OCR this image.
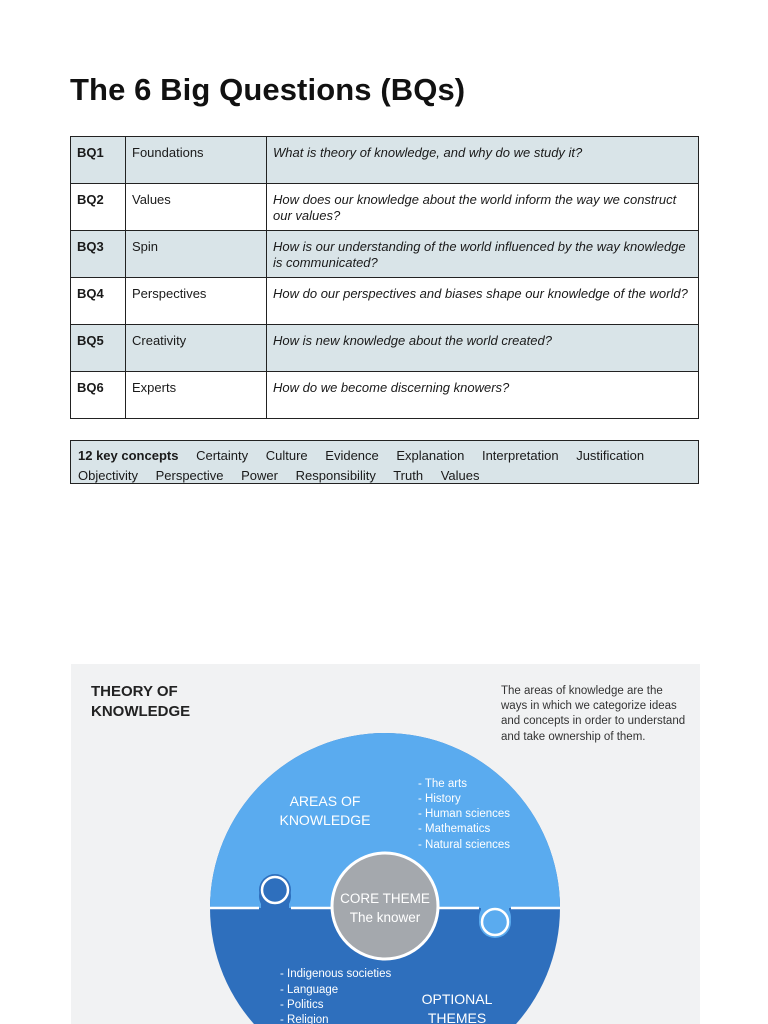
The 6 Big Questions (BQs)
BQ1	Foundations	What is theory of knowledge, and why do we study it?
BQ2	Values	How does our knowledge about the world inform the way we construct our values?
BQ3	Spin	How is our understanding of the world influenced by the way knowledge is communicated?
BQ4	Perspectives	How do our perspectives and biases shape our knowledge of the world?
BQ5	Creativity	How is new knowledge about the world created?
BQ6	Experts	How do we become discerning knowers?
12 key concepts Certainty Culture Evidence Explanation Interpretation Justification
Objectivity Perspective Power Responsibility Truth Values
THEORY OF
KNOWLEDGE
The areas of knowledge are the ways in which we categorize ideas and concepts in order to understand and take ownership of them.
AREAS OF
KNOWLEDGE
- The arts
- History
- Human sciences
- Mathematics
- Natural sciences
CORE THEME
The knower
- Indigenous societies
- Language
- Politics
- Religion
OPTIONAL
THEMES
